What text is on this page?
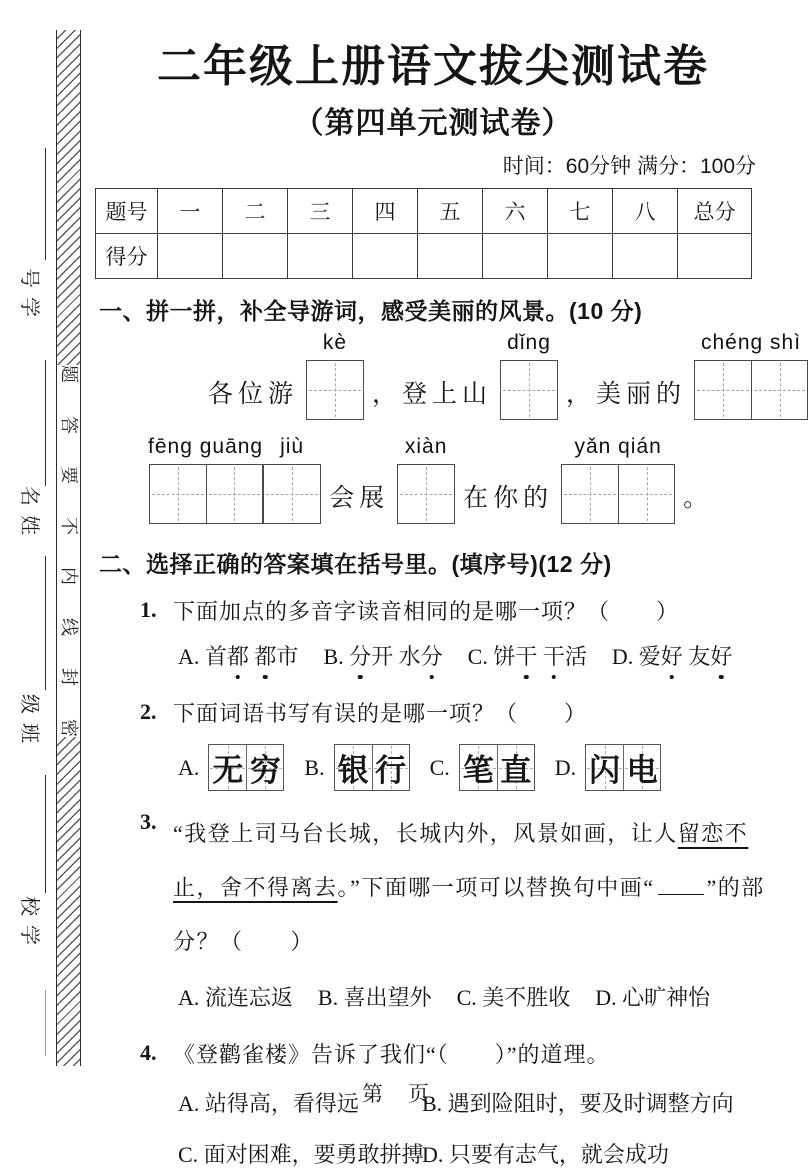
题
答
要
不
内
线
封
密
号
学
名
姓
级
班
校
学
二年级上册语文拔尖测试卷
（第四单元测试卷）
时间：60分钟 满分：100分
题号	一	二	三	四	五	六	七	八	总分
得分									
一、拼一拼，补全导游词，感受美丽的风景。(10 分)
各位游
kè
，登上山
dǐng
，美丽的
chéng shì
fēng guāng jiù
会展
xiàn
在你的
yǎn qián
。
二、选择正确的答案填在括号里。(填序号)(12 分)
1. 下面加点的多音字读音相同的是哪一项？（　　）
A. 首都 都市 B. 分开 水分 C. 饼干 干活 D. 爱好 友好
2. 下面词语书写有误的是哪一项？（　　）
A. 无 穷 B. 银 行 C. 笔 直 D. 闪 电
3. “我登上司马台长城，长城内外，风景如画，让人留恋不止，舍不得离去。”下面哪一项可以替换句中画“ ”的部分？（　　）
A. 流连忘返 B. 喜出望外 C. 美不胜收 D. 心旷神怡
4. 《登鹳雀楼》告诉了我们“（　　）”的道理。
A. 站得高，看得远	B. 遇到险阻时，要及时调整方向
C. 面对困难，要勇敢拼搏
D. 只要有志气，就会成功
第　页
